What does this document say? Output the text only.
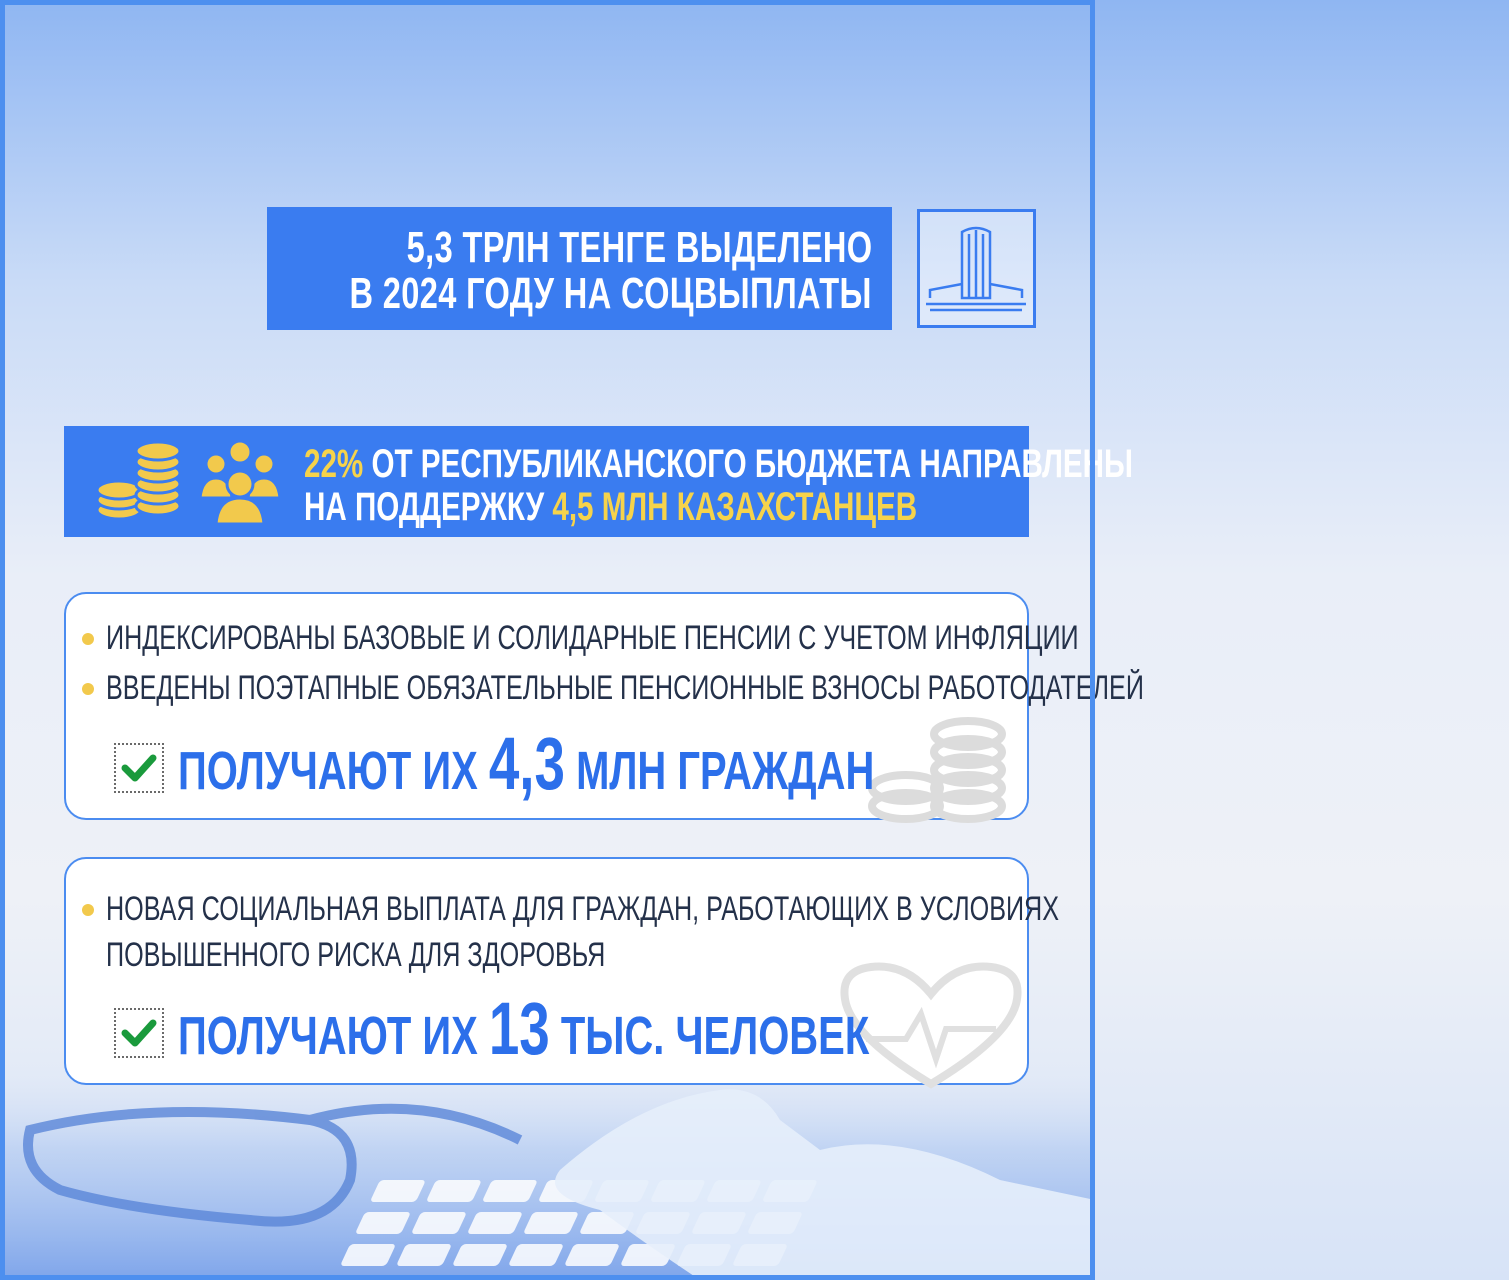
5,3 ТРЛН ТЕНГЕ ВЫДЕЛЕНО
В 2024 ГОДУ НА СОЦВЫПЛАТЫ
22% ОТ РЕСПУБЛИКАНСКОГО БЮДЖЕТА НАПРАВЛЕНЫ
НА ПОДДЕРЖКУ 4,5 МЛН КАЗАХСТАНЦЕВ
ИНДЕКСИРОВАНЫ БАЗОВЫЕ И СОЛИДАРНЫЕ ПЕНСИИ С УЧЕТОМ ИНФЛЯЦИИ
ВВЕДЕНЫ ПОЭТАПНЫЕ ОБЯЗАТЕЛЬНЫЕ ПЕНСИОННЫЕ ВЗНОСЫ РАБОТОДАТЕЛЕЙ
ПОЛУЧАЮТ ИХ 4,3 МЛН ГРАЖДАН
НОВАЯ СОЦИАЛЬНАЯ ВЫПЛАТА ДЛЯ ГРАЖДАН, РАБОТАЮЩИХ В УСЛОВИЯХ
ПОВЫШЕННОГО РИСКА ДЛЯ ЗДОРОВЬЯ
ПОЛУЧАЮТ ИХ 13 ТЫС. ЧЕЛОВЕК
